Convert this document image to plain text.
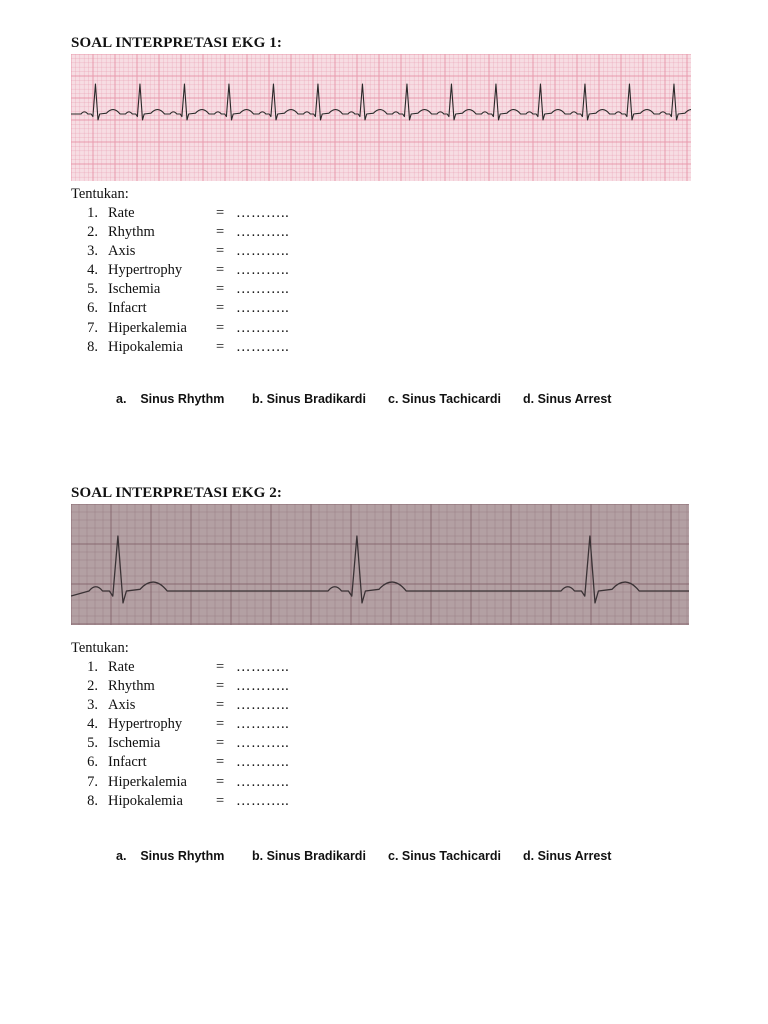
SOAL INTERPRETASI EKG 1:
Tentukan:
1. Rate	= ………..
2. Rhythm	= ………..
3. Axis	= ………..
4. Hypertrophy	= ………..
5. Ischemia	= ………..
6. Infacrt	= ………..
7. Hiperkalemia	= ………..
8. Hipokalemia	= ………..
a.    Sinus Rhythm	b. Sinus Bradikardi	c. Sinus Tachicardi	d. Sinus Arrest
SOAL INTERPRETASI EKG 2:
Tentukan:
1. Rate	= ………..
2. Rhythm	= ………..
3. Axis	= ………..
4. Hypertrophy	= ………..
5. Ischemia	= ………..
6. Infacrt	= ………..
7. Hiperkalemia	= ………..
8. Hipokalemia	= ………..
a.    Sinus Rhythm	b. Sinus Bradikardi	c. Sinus Tachicardi	d. Sinus Arrest
